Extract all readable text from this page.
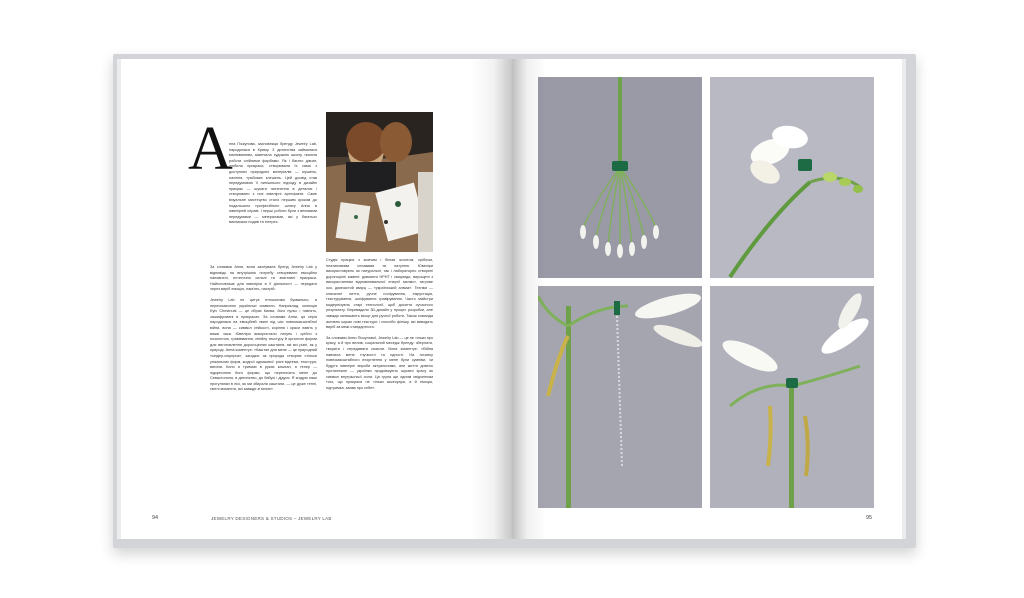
А

нна Піскунова, засновниця бренду Jewelry Lab, народилася в Криму. З дитинства займалася малюванням, закінчила художню школу, писала роботи олійними фарбами. Як і багато дівчат, любила прикраси, створювала їх сама з доступних природних матеріалів — мушель, насіння, «рябових клешень. Цей досвід став передумовою її нинішнього підходу в дизайні прикрас — шукати натхнення в деталях і створювати з них ювелірні артефакти. Саме візуальне мистецтво стало першим кроком до подальшого професійного шляху Анни в ювелірній справі. І перші роботи були з великими передумами — мінералами, які у багатьох викликали подив та інтерес.

За словами Анни, вона заснувала бренд Jewelry Lab у відповідь на внутрішню потребу створювати емоційно наповнені, естетично сильні та змістовні прикраси. Найголовніше для ювелірки в її діяльності — передати через виріб емоцію, пам'ять, настрій.

Jewelry Lab не цитує етнокотиви буквально, а переосмислює українські символи. Наприклад, колекція Kyiv Chestnuts — це образ Києва, його пульс і пам'ять, зашифровані в прикрасах. За словами Анни, ця серія народилася на емоційній хвилі під час повномасштабної війни, вона — символ стійкості, коріння і краси навіть у важкі часи. Ювеліри використали латунь і срібло з позолотою, гравіювання, лінійну текстуру й органічні форми для виготовлення дорогоцінних каштанів, які всі різні, як у природі. Анна коментує: «Каштан для мене — це природний «кіндер-сюрприз», загадка: як природа створює стільки унікальних форм, жодної однакової: різні відтінки, текстури, вигини. Коли я тримаю в руках каштан, я тепер — підкреслюю його форми, що переносить мене до Севастополя, в дитинство, до бабусі і дідуся. Я згадую наші прогулянки в лісі, як ми збирали каштани, — це дуже теплі, світлі моменти, які завжди зі мною».

Студія працює з жовтим і білим золотом, сріблом, платиновими сплавами та латунню. Ювеліри використовують як натуральні, так і лабораторно створені дорогоцінні камені: діаманти HPHT і смарагди, вирощені з використанням відновлювальної енергії мелкіст, тигрове око, димчастий кварц — «український алмаз». Техніки — класичне лиття, ручне полірування, інкрустація, текстурування, шліфування гравірування. Часто майстри модернізують старі технології, щоб досягти сучасного результату. Впровадили 3D-дизайн у процес розробки, але завжди залишають місце для ручної роботи. Також команда активно шукає нові текстури і способи фінішу, які виводять виріб за межі стандартного.

За словами Анни Піскунової, Jewelry Lab — це не тільки про красу, а й про вплив, соціальний меседж бренду: зберігати, творити і передавати смисли. Вона коментує: «Війна навчила мене гнучкості та єдності. На початку повномасштабного вторгнення у мене були сумніви, чи будуть ювелірні вироби актуальними, але життя довело протилежне — українки продовжують шукати красу як символ внутрішньої сили. Ця група ще одним свідченням того, що прикраси не тільки аксесуари, а й емоція, підтримка, заява про себе».

94	JEWELRY DESIGNERS & STUDIOS – JEWELRY LAB	95
